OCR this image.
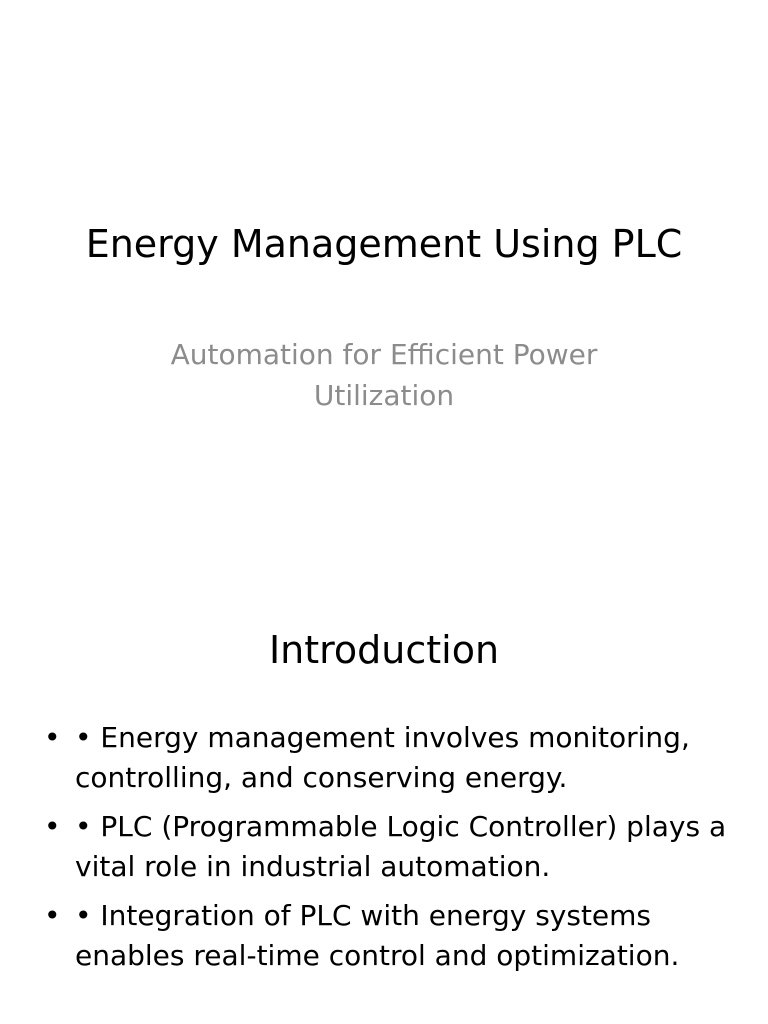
Energy Management Using PLC

Automation for Efficient Power Utilization

Introduction
• • Energy management involves monitoring, controlling, and conserving energy.
• • PLC (Programmable Logic Controller) plays a vital role in industrial automation.
• • Integration of PLC with energy systems enables real-time control and optimization.
